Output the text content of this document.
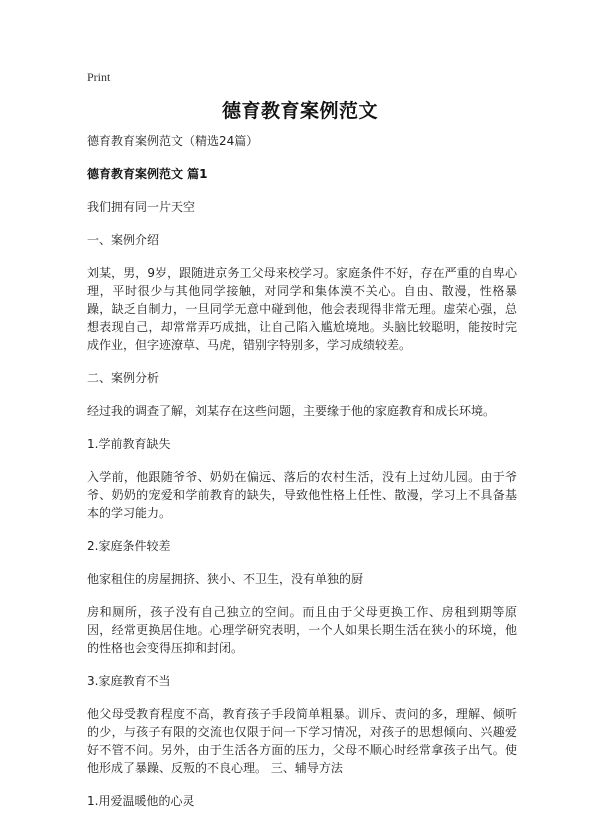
Print
德育教育案例范文

德育教育案例范文（精选24篇）

德育教育案例范文 篇1

我们拥有同一片天空

一、案例介绍

刘某，男，9岁，跟随进京务工父母来校学习。家庭条件不好，存在严重的自卑心理，平时很少与其他同学接触，对同学和集体漠不关心。自由、散漫，性格暴躁，缺乏自制力，一旦同学无意中碰到他，他会表现得非常无理。虚荣心强，总想表现自己，却常常弄巧成拙，让自己陷入尴尬境地。头脑比较聪明，能按时完成作业，但字迹潦草、马虎，错别字特别多，学习成绩较差。

二、案例分析

经过我的调查了解，刘某存在这些问题，主要缘于他的家庭教育和成长环境。

1.学前教育缺失

入学前，他跟随爷爷、奶奶在偏远、落后的农村生活，没有上过幼儿园。由于爷爷、奶奶的宠爱和学前教育的缺失，导致他性格上任性、散漫，学习上不具备基本的学习能力。

2.家庭条件较差

他家租住的房屋拥挤、狭小、不卫生，没有单独的厨

房和厕所，孩子没有自己独立的空间。而且由于父母更换工作、房租到期等原因，经常更换居住地。心理学研究表明，一个人如果长期生活在狭小的环境，他的性格也会变得压抑和封闭。

3.家庭教育不当

他父母受教育程度不高，教育孩子手段简单粗暴。训斥、责问的多，理解、倾听的少，与孩子有限的交流也仅限于问一下学习情况，对孩子的思想倾向、兴趣爱好不管不问。另外，由于生活各方面的压力，父母不顺心时经常拿孩子出气。使他形成了暴躁、反叛的不良心理。 三、辅导方法

1.用爱温暖他的心灵
